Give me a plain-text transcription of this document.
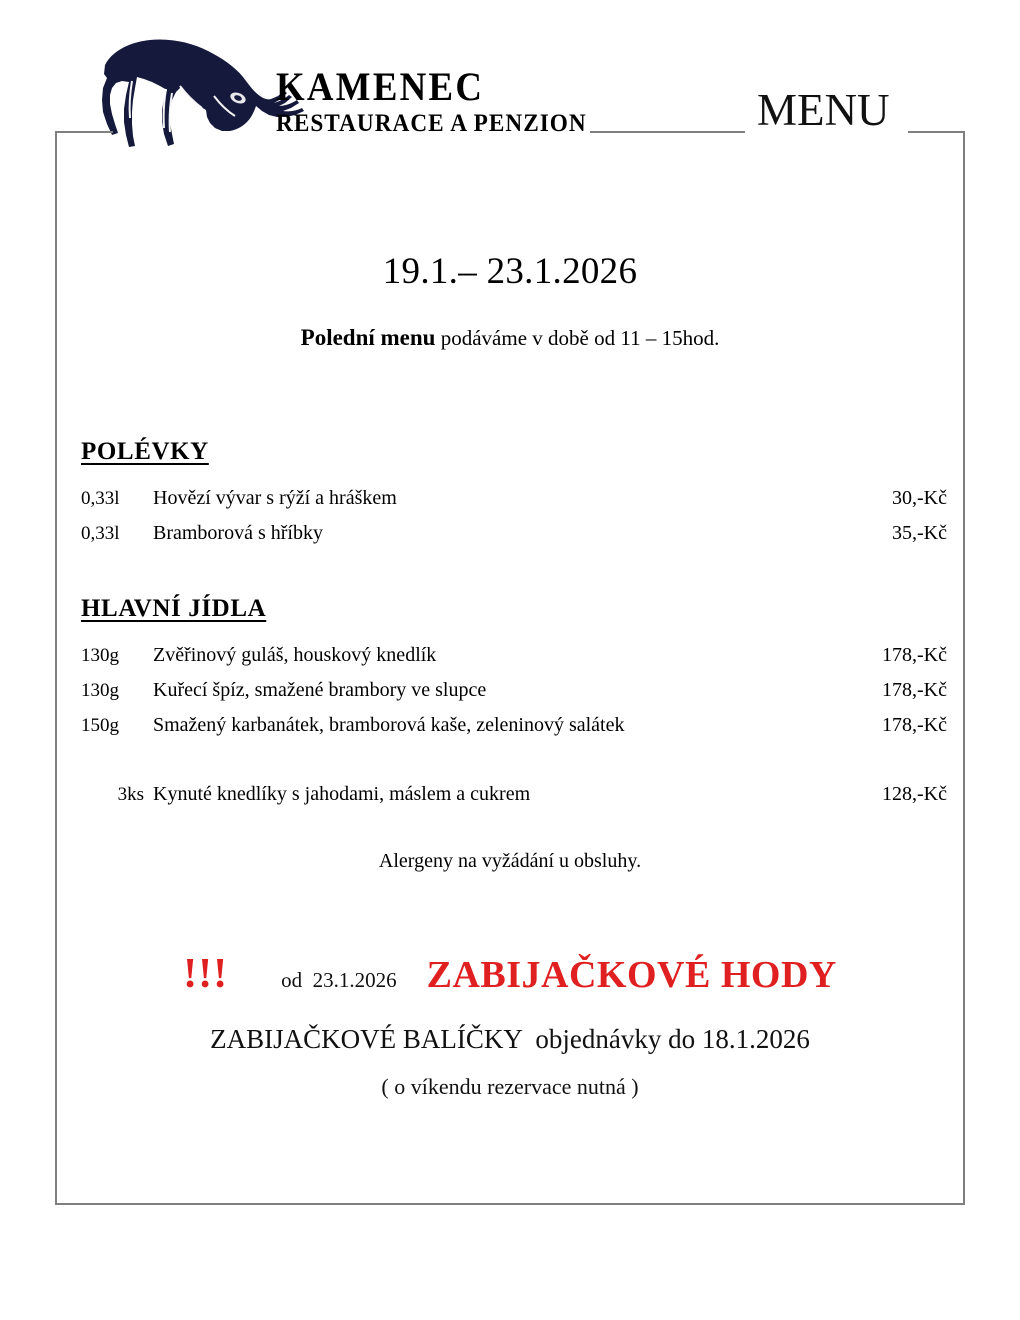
KAMENEC
RESTAURACE A PENZION	MENU
19.1.– 23.1.2026
Polední menu podáváme v době od 11 – 15hod.
POLÉVKY
0,33l	Hovězí vývar s rýží a hráškem	30,-Kč
0,33l	Bramborová s hříbky	35,-Kč
HLAVNÍ JÍDLA
130g	Zvěřinový guláš, houskový knedlík	178,-Kč
130g	Kuřecí špíz, smažené brambory ve slupce	178,-Kč
150g	Smažený karbanátek, bramborová kaše, zeleninový salátek	178,-Kč
3ks Kynuté knedlíky s jahodami, máslem a cukrem	128,-Kč
Alergeny na vyžádání u obsluhy.
!!!	od  23.1.2026 ZABIJAČKOVÉ HODY
ZABIJAČKOVÉ BALÍČKY  objednávky do 18.1.2026
( o víkendu rezervace nutná )
